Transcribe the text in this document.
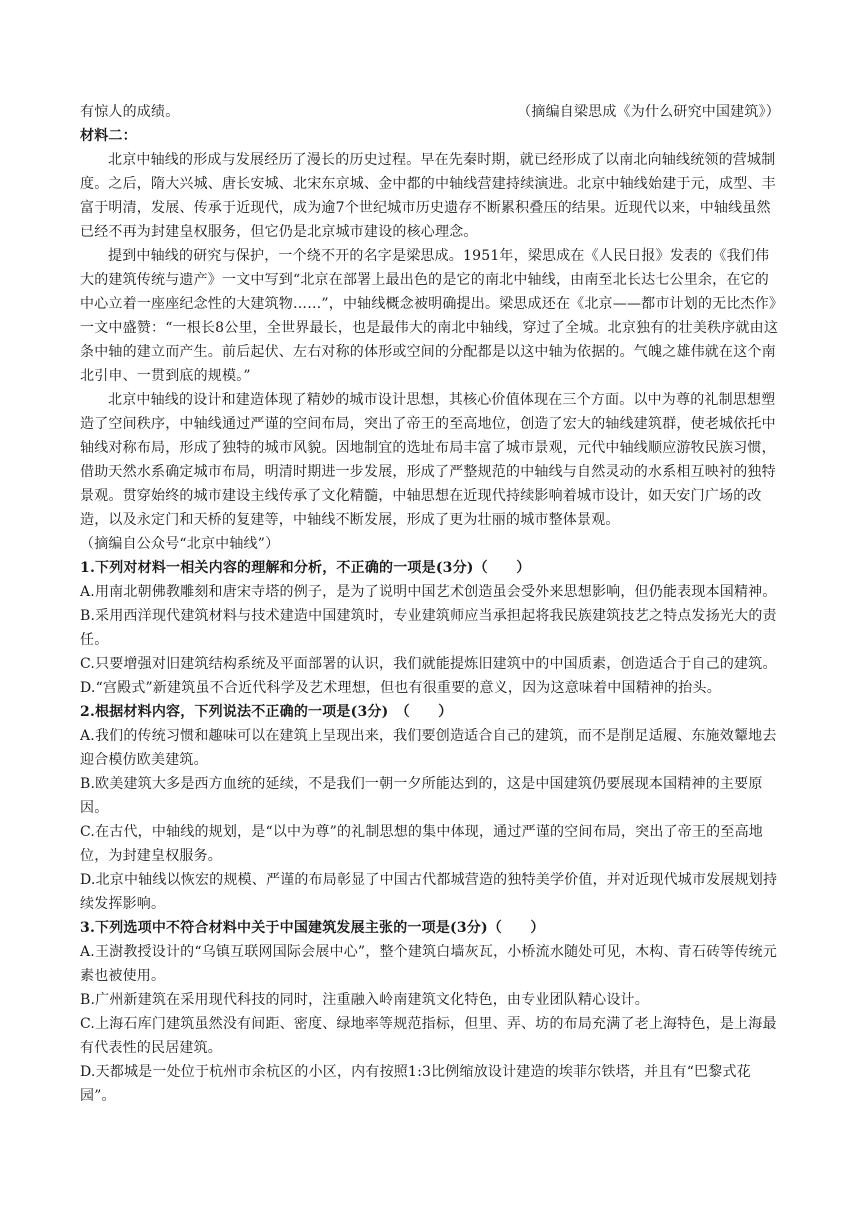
有惊人的成绩。	（摘编自梁思成《为什么研究中国建筑》）

材料二：

北京中轴线的形成与发展经历了漫长的历史过程。早在先秦时期，就已经形成了以南北向轴线统领的营城制度。之后，隋大兴城、唐长安城、北宋东京城、金中都的中轴线营建持续演进。北京中轴线始建于元，成型、丰富于明清，发展、传承于近现代，成为逾7个世纪城市历史遗存不断累积叠压的结果。近现代以来，中轴线虽然已经不再为封建皇权服务，但它仍是北京城市建设的核心理念。

提到中轴线的研究与保护，一个绕不开的名字是梁思成。1951年，梁思成在《人民日报》发表的《我们伟大的建筑传统与遗产》一文中写到“北京在部署上最出色的是它的南北中轴线，由南至北长达七公里余，在它的中心立着一座座纪念性的大建筑物……”，中轴线概念被明确提出。梁思成还在《北京——都市计划的无比杰作》一文中盛赞：“一根长8公里，全世界最长，也是最伟大的南北中轴线，穿过了全城。北京独有的壮美秩序就由这条中轴的建立而产生。前后起伏、左右对称的体形或空间的分配都是以这中轴为依据的。气魄之雄伟就在这个南北引申、一贯到底的规模。”

北京中轴线的设计和建造体现了精妙的城市设计思想，其核心价值体现在三个方面。以中为尊的礼制思想塑造了空间秩序，中轴线通过严谨的空间布局，突出了帝王的至高地位，创造了宏大的轴线建筑群，使老城依托中轴线对称布局，形成了独特的城市风貌。因地制宜的选址布局丰富了城市景观，元代中轴线顺应游牧民族习惯，借助天然水系确定城市布局，明清时期进一步发展，形成了严整规范的中轴线与自然灵动的水系相互映衬的独特景观。贯穿始终的城市建设主线传承了文化精髓，中轴思想在近现代持续影响着城市设计，如天安门广场的改造，以及永定门和天桥的复建等，中轴线不断发展，形成了更为壮丽的城市整体景观。

（摘编自公众号“北京中轴线”）

1.下列对材料一相关内容的理解和分析，不正确的一项是(3分)（　　）

A.用南北朝佛教雕刻和唐宋寺塔的例子，是为了说明中国艺术创造虽会受外来思想影响，但仍能表现本国精神。

B.采用西洋现代建筑材料与技术建造中国建筑时，专业建筑师应当承担起将我民族建筑技艺之特点发扬光大的责任。

C.只要增强对旧建筑结构系统及平面部署的认识，我们就能提炼旧建筑中的中国质素，创造适合于自己的建筑。

D.“宫殿式”新建筑虽不合近代科学及艺术理想，但也有很重要的意义，因为这意味着中国精神的抬头。

2.根据材料内容，下列说法不正确的一项是(3分)　（　　）

A.我们的传统习惯和趣味可以在建筑上呈现出来，我们要创造适合自己的建筑，而不是削足适履、东施效颦地去迎合模仿欧美建筑。

B.欧美建筑大多是西方血统的延续，不是我们一朝一夕所能达到的，这是中国建筑仍要展现本国精神的主要原因。

C.在古代，中轴线的规划，是“以中为尊”的礼制思想的集中体现，通过严谨的空间布局，突出了帝王的至高地位，为封建皇权服务。

D.北京中轴线以恢宏的规模、严谨的布局彰显了中国古代都城营造的独特美学价值，并对近现代城市发展规划持续发挥影响。

3.下列选项中不符合材料中关于中国建筑发展主张的一项是(3分)（　　）

A.王澍教授设计的“乌镇互联网国际会展中心”，整个建筑白墙灰瓦，小桥流水随处可见，木构、青石砖等传统元素也被使用。

B.广州新建筑在采用现代科技的同时，注重融入岭南建筑文化特色，由专业团队精心设计。

C.上海石库门建筑虽然没有间距、密度、绿地率等规范指标，但里、弄、坊的布局充满了老上海特色，是上海最有代表性的民居建筑。

D.天都城是一处位于杭州市余杭区的小区，内有按照1:3比例缩放设计建造的埃菲尔铁塔，并且有“巴黎式花园”。
